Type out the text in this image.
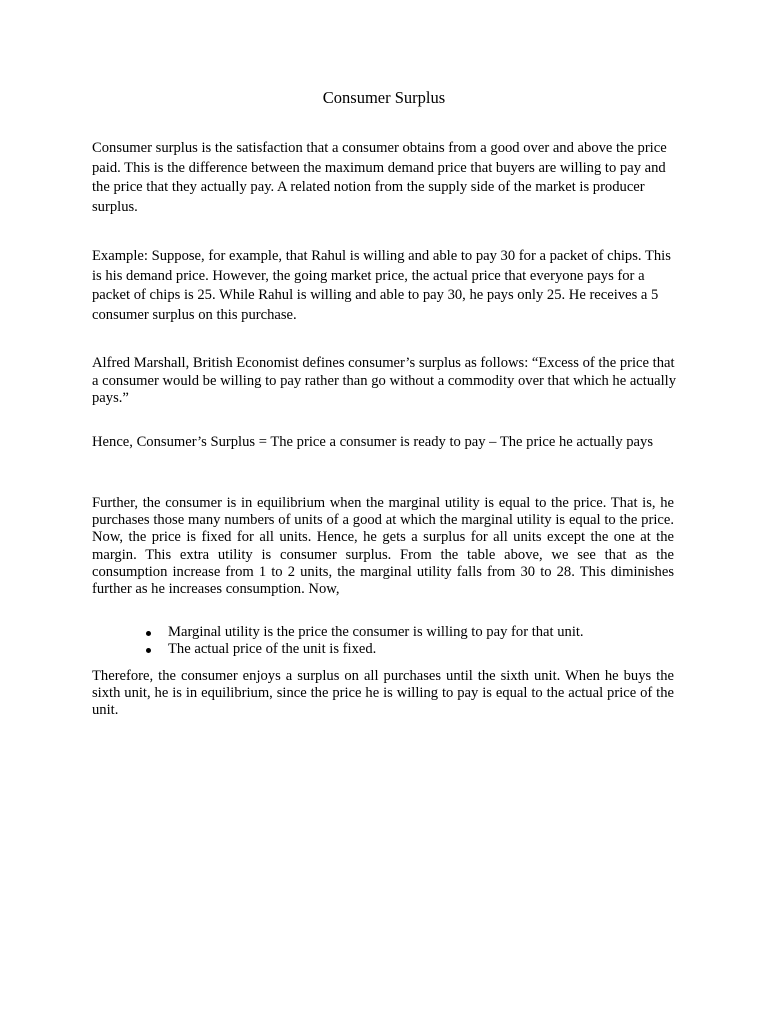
Consumer Surplus

Consumer surplus is the satisfaction that a consumer obtains from a good over and above the price paid. This is the difference between the maximum demand price that buyers are willing to pay and the price that they actually pay. A related notion from the supply side of the market is producer surplus.

Example: Suppose, for example, that Rahul is willing and able to pay 30 for a packet of chips. This is his demand price. However, the going market price, the actual price that everyone pays for a packet of chips is 25. While Rahul is willing and able to pay 30, he pays only 25. He receives a 5 consumer surplus on this purchase.

Alfred Marshall, British Economist defines consumer’s surplus as follows: “Excess of the price that a consumer would be willing to pay rather than go without a commodity over that which he actually pays.”

Hence, Consumer’s Surplus = The price a consumer is ready to pay – The price he actually pays

Further, the consumer is in equilibrium when the marginal utility is equal to the price. That is, he purchases those many numbers of units of a good at which the marginal utility is equal to the price. Now, the price is fixed for all units. Hence, he gets a surplus for all units except the one at the margin. This extra utility is consumer surplus. From the table above, we see that as the consumption increase from 1 to 2 units, the marginal utility falls from 30 to 28. This diminishes further as he increases consumption. Now,

Marginal utility is the price the consumer is willing to pay for that unit.
The actual price of the unit is fixed.

Therefore, the consumer enjoys a surplus on all purchases until the sixth unit. When he buys the sixth unit, he is in equilibrium, since the price he is willing to pay is equal to the actual price of the unit.
